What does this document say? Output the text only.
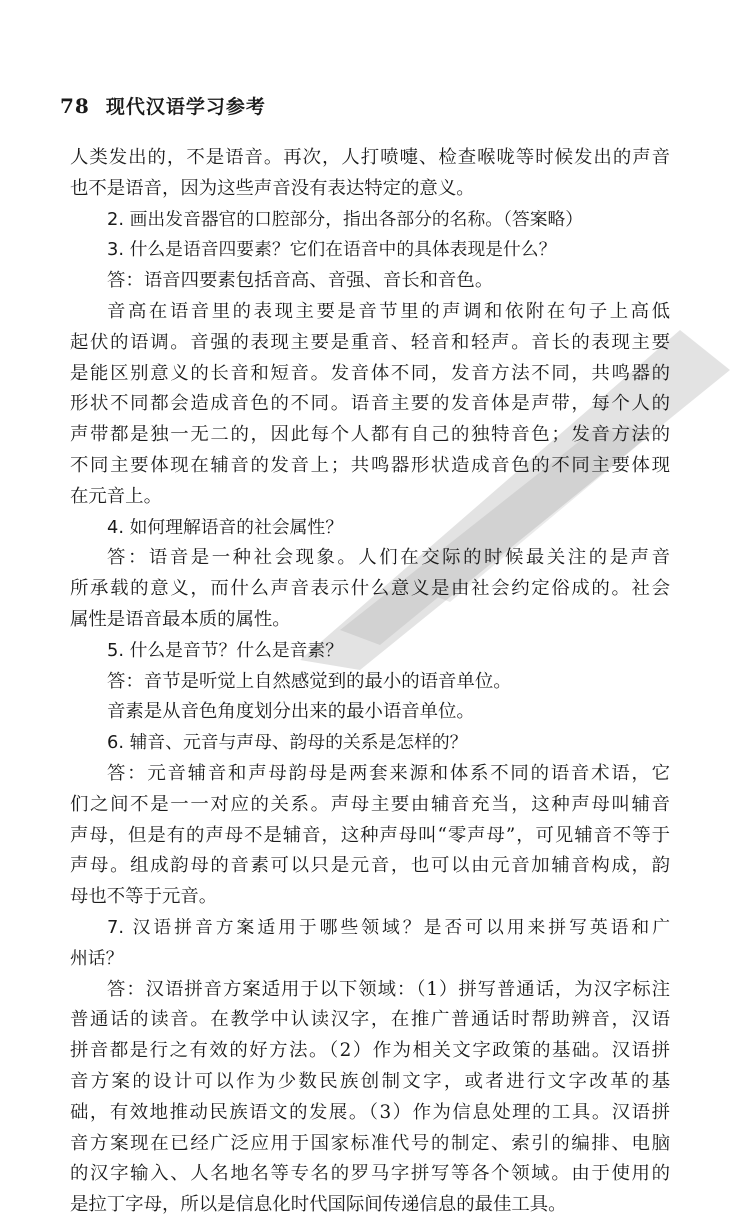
78 现代汉语学习参考
人类发出的，不是语音。再次，人打喷嚏、检查喉咙等时候发出的声音
也不是语音，因为这些声音没有表达特定的意义。
2. 画出发音器官的口腔部分，指出各部分的名称。（答案略）
3. 什么是语音四要素？它们在语音中的具体表现是什么？
答：语音四要素包括音高、音强、音长和音色。
音高在语音里的表现主要是音节里的声调和依附在句子上高低
起伏的语调。音强的表现主要是重音、轻音和轻声。音长的表现主要
是能区别意义的长音和短音。发音体不同，发音方法不同，共鸣器的
形状不同都会造成音色的不同。语音主要的发音体是声带，每个人的
声带都是独一无二的，因此每个人都有自己的独特音色；发音方法的
不同主要体现在辅音的发音上；共鸣器形状造成音色的不同主要体现
在元音上。
4. 如何理解语音的社会属性？
答：语音是一种社会现象。人们在交际的时候最关注的是声音
所承载的意义，而什么声音表示什么意义是由社会约定俗成的。社会
属性是语音最本质的属性。
5. 什么是音节？什么是音素？
答：音节是听觉上自然感觉到的最小的语音单位。
音素是从音色角度划分出来的最小语音单位。
6. 辅音、元音与声母、韵母的关系是怎样的？
答：元音辅音和声母韵母是两套来源和体系不同的语音术语，它
们之间不是一一对应的关系。声母主要由辅音充当，这种声母叫辅音
声母，但是有的声母不是辅音，这种声母叫“零声母”，可见辅音不等于
声母。组成韵母的音素可以只是元音，也可以由元音加辅音构成，韵
母也不等于元音。
7. 汉语拼音方案适用于哪些领域？是否可以用来拼写英语和广
州话？
答：汉语拼音方案适用于以下领域：（1）拼写普通话，为汉字标注
普通话的读音。在教学中认读汉字，在推广普通话时帮助辨音，汉语
拼音都是行之有效的好方法。（2）作为相关文字政策的基础。汉语拼
音方案的设计可以作为少数民族创制文字，或者进行文字改革的基
础，有效地推动民族语文的发展。（3）作为信息处理的工具。汉语拼
音方案现在已经广泛应用于国家标准代号的制定、索引的编排、电脑
的汉字输入、人名地名等专名的罗马字拼写等各个领域。由于使用的
是拉丁字母，所以是信息化时代国际间传递信息的最佳工具。
